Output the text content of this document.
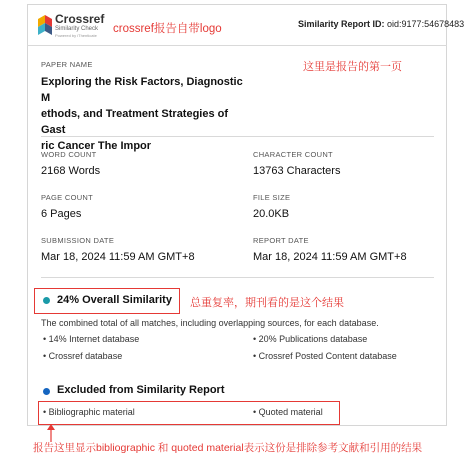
Crossref
Similarity Check
Powered by iThenticate
crossref报告自带logo	Similarity Report ID: oid:9177:54678483
PAPER NAME	这里是报告的第一页
Exploring the Risk Factors, Diagnostic M
ethods, and Treatment Strategies of Gast
ric Cancer The Impor
WORD COUNT
2168 Words
CHARACTER COUNT
13763 Characters
PAGE COUNT
6 Pages
FILE SIZE
20.0KB
SUBMISSION DATE
Mar 18, 2024 11:59 AM GMT+8
REPORT DATE
Mar 18, 2024 11:59 AM GMT+8
24% Overall Similarity 总重复率，期刊看的是这个结果
The combined total of all matches, including overlapping sources, for each database.
• 14% Internet database	• 20% Publications database
• Crossref database	• Crossref Posted Content database
Excluded from Similarity Report
• Bibliographic material	• Quoted material
报告这里显示bibliographic 和 quoted material表示这份是排除参考文献和引用的结果
